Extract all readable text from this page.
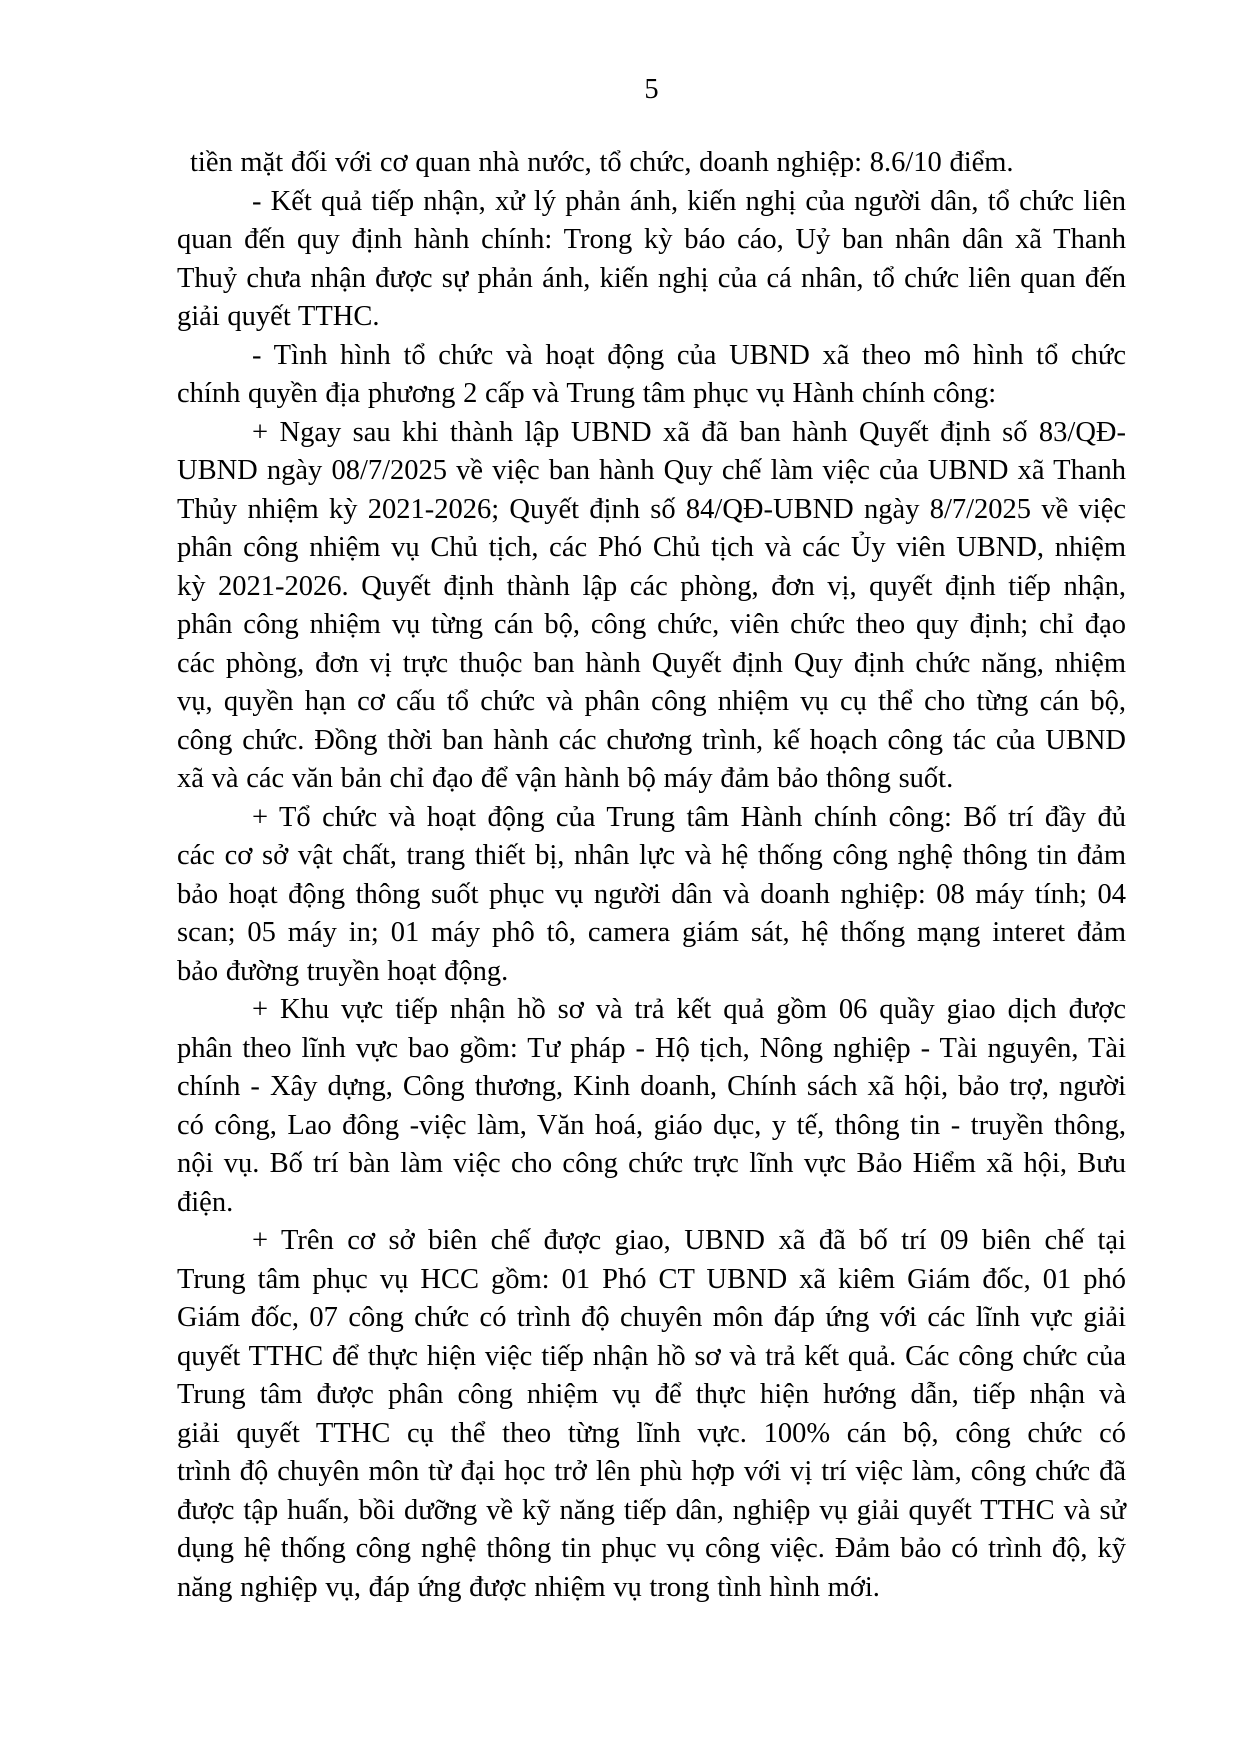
5
tiền mặt đối với cơ quan nhà nước, tổ chức, doanh nghiệp: 8.6/10 điểm.
- Kết quả tiếp nhận, xử lý phản ánh, kiến nghị của người dân, tổ chức liên
quan đến quy định hành chính: Trong kỳ báo cáo, Uỷ ban nhân dân xã Thanh
Thuỷ chưa nhận được sự phản ánh, kiến nghị của cá nhân, tổ chức liên quan đến
giải quyết TTHC.
- Tình hình tổ chức và hoạt động của UBND xã theo mô hình tổ chức
chính quyền địa phương 2 cấp và Trung tâm phục vụ Hành chính công:
+ Ngay sau khi thành lập UBND xã đã ban hành Quyết định số 83/QĐ-
UBND ngày 08/7/2025 về việc ban hành Quy chế làm việc của UBND xã Thanh
Thủy nhiệm kỳ 2021-2026; Quyết định số 84/QĐ-UBND ngày 8/7/2025 về việc
phân công nhiệm vụ Chủ tịch, các Phó Chủ tịch và các Ủy viên UBND, nhiệm
kỳ 2021-2026. Quyết định thành lập các phòng, đơn vị, quyết định tiếp nhận,
phân công nhiệm vụ từng cán bộ, công chức, viên chức theo quy định; chỉ đạo
các phòng, đơn vị trực thuộc ban hành Quyết định Quy định chức năng, nhiệm
vụ, quyền hạn cơ cấu tổ chức và phân công nhiệm vụ cụ thể cho từng cán bộ,
công chức. Đồng thời ban hành các chương trình, kế hoạch công tác của UBND
xã và các văn bản chỉ đạo để vận hành bộ máy đảm bảo thông suốt.
+ Tổ chức và hoạt động của Trung tâm Hành chính công: Bố trí đầy đủ
các cơ sở vật chất, trang thiết bị, nhân lực và hệ thống công nghệ thông tin đảm
bảo hoạt động thông suốt phục vụ người dân và doanh nghiệp: 08 máy tính; 04
scan; 05 máy in; 01 máy phô tô, camera giám sát, hệ thống mạng interet đảm
bảo đường truyền hoạt động.
+ Khu vực tiếp nhận hồ sơ và trả kết quả gồm 06 quầy giao dịch được
phân theo lĩnh vực bao gồm: Tư pháp - Hộ tịch, Nông nghiệp - Tài nguyên, Tài
chính - Xây dựng, Công thương, Kinh doanh, Chính sách xã hội, bảo trợ, người
có công, Lao đông -việc làm, Văn hoá, giáo dục, y tế, thông tin - truyền thông,
nội vụ. Bố trí bàn làm việc cho công chức trực lĩnh vực Bảo Hiểm xã hội, Bưu
điện.
+ Trên cơ sở biên chế được giao, UBND xã đã bố trí 09 biên chế tại
Trung tâm phục vụ HCC gồm: 01 Phó CT UBND xã kiêm Giám đốc, 01 phó
Giám đốc, 07 công chức có trình độ chuyên môn đáp ứng với các lĩnh vực giải
quyết TTHC để thực hiện việc tiếp nhận hồ sơ và trả kết quả. Các công chức của
Trung tâm được phân công nhiệm vụ để thực hiện hướng dẫn, tiếp nhận và
giải quyết TTHC cụ thể theo từng lĩnh vực. 100% cán bộ, công chức có
trình độ chuyên môn từ đại học trở lên phù hợp với vị trí việc làm, công chức đã
được tập huấn, bồi dưỡng về kỹ năng tiếp dân, nghiệp vụ giải quyết TTHC và sử
dụng hệ thống công nghệ thông tin phục vụ công việc. Đảm bảo có trình độ, kỹ
năng nghiệp vụ, đáp ứng được nhiệm vụ trong tình hình mới.
